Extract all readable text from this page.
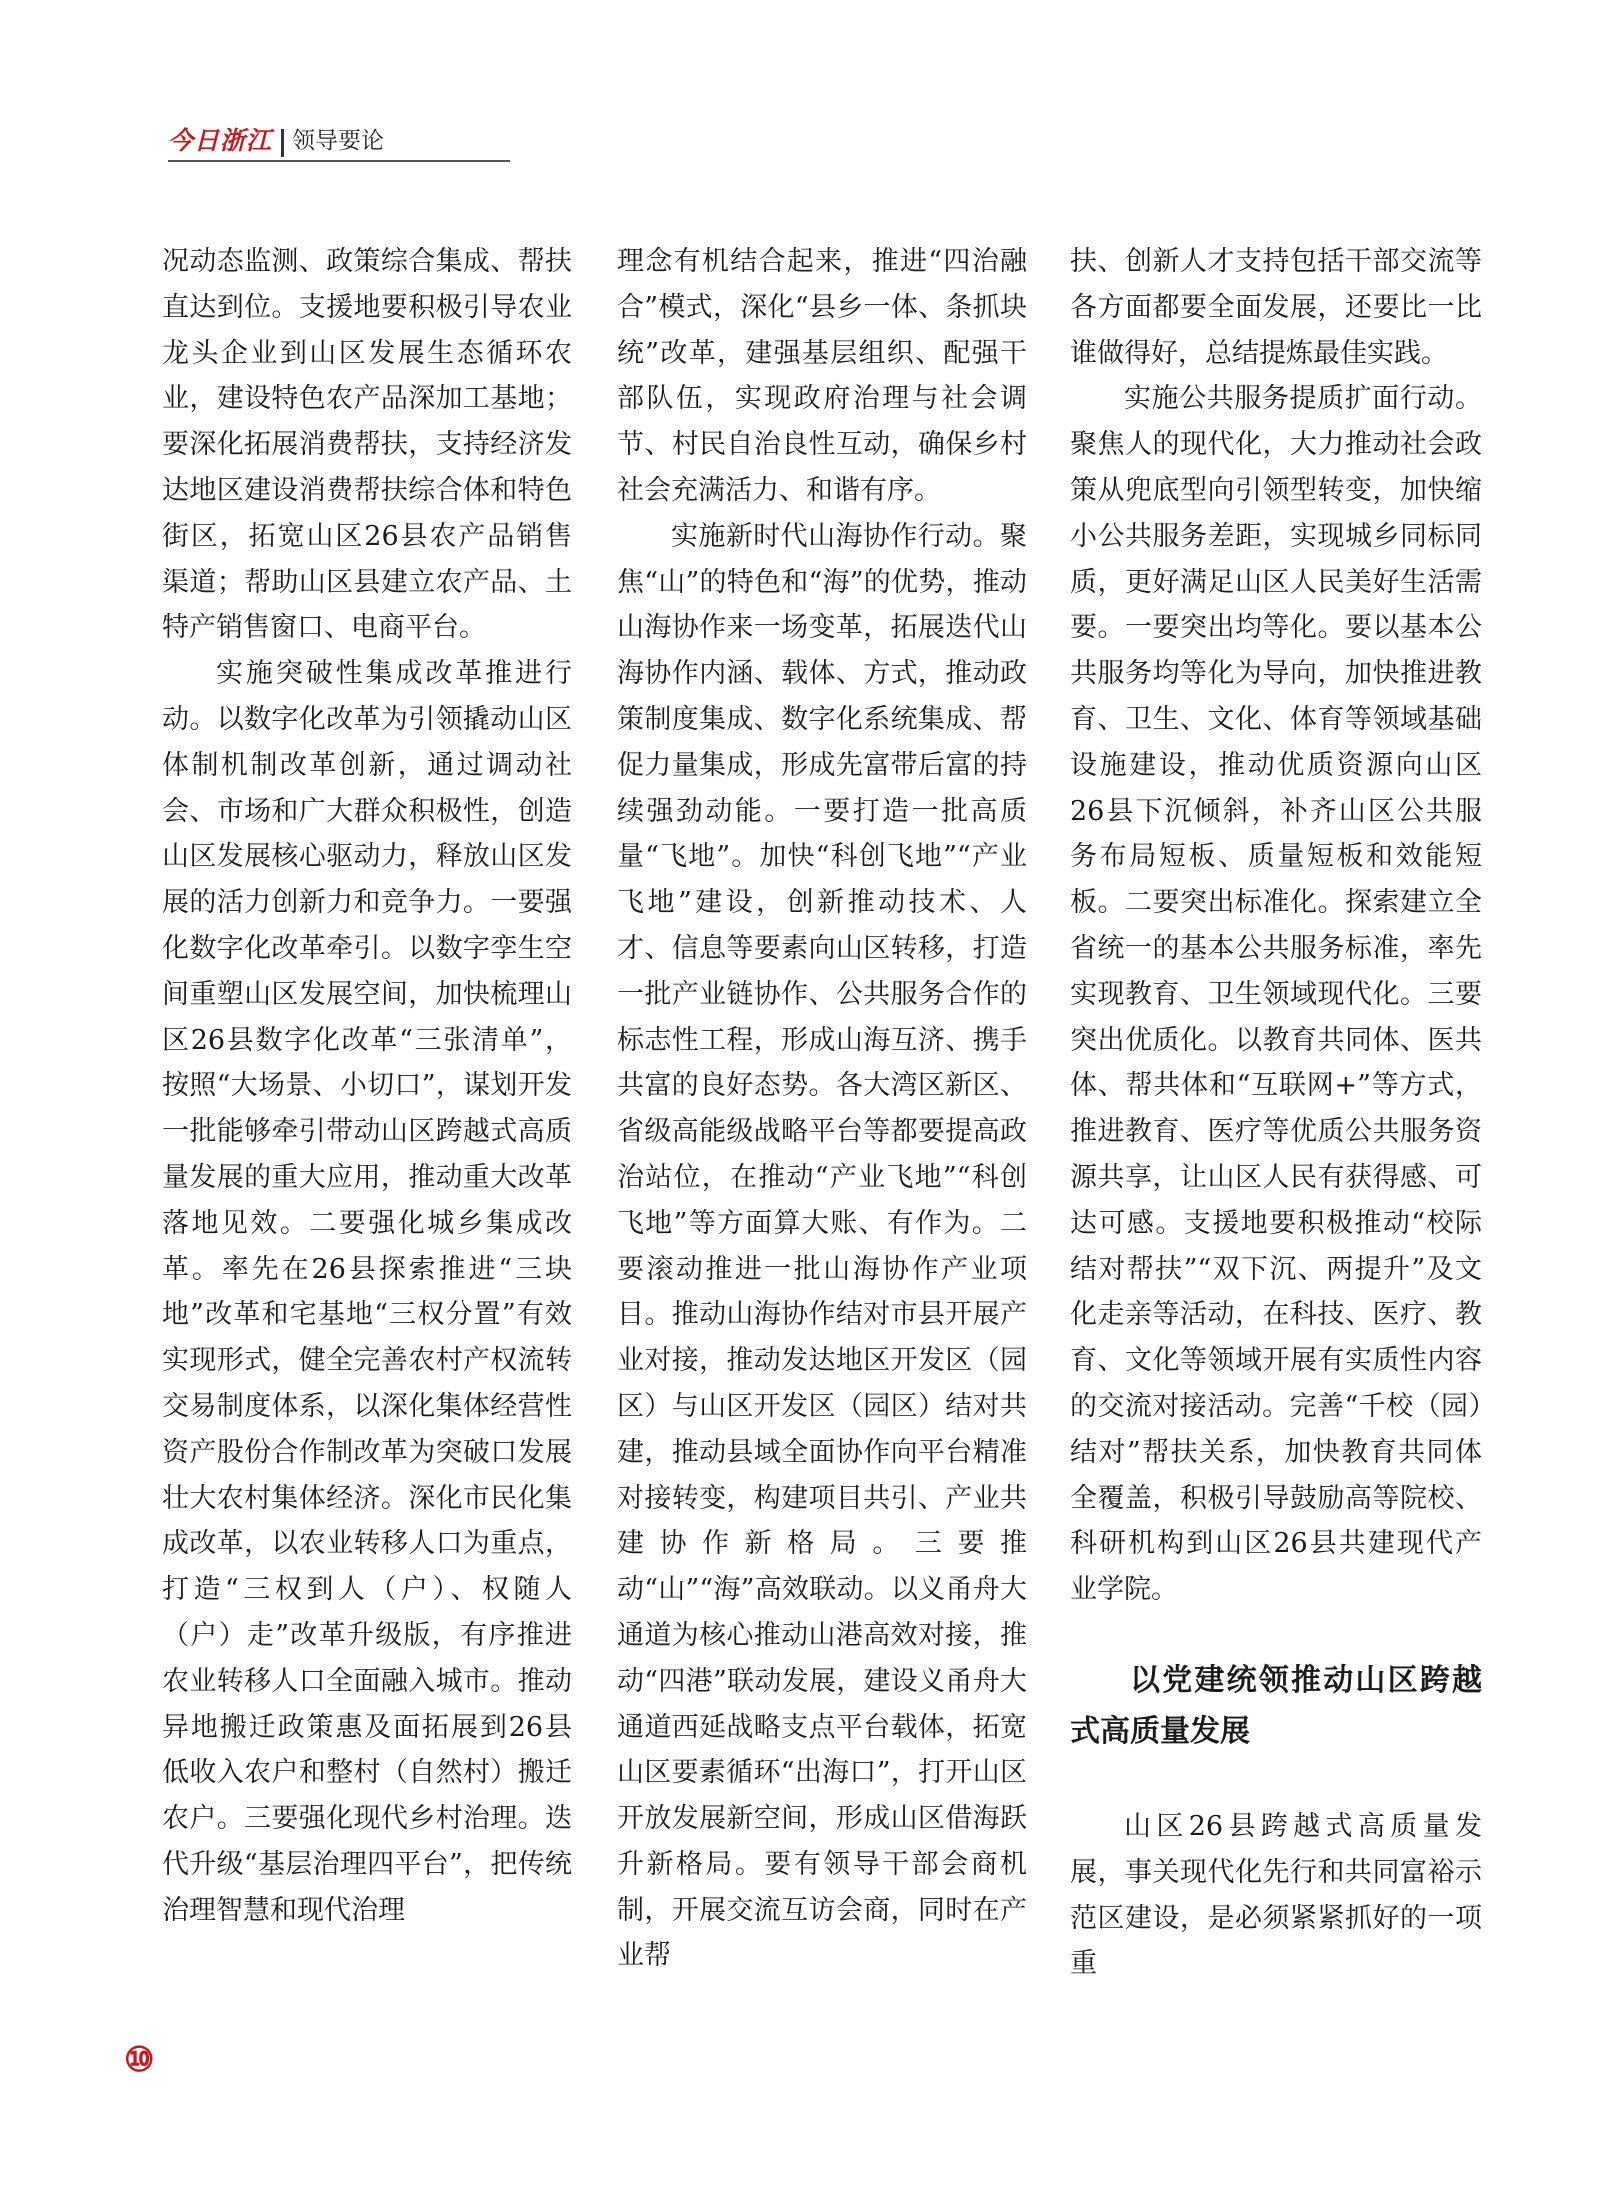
今日浙江 领导要论

况动态监测、政策综合集成、帮扶直达到位。支援地要积极引导农业龙头企业到山区发展生态循环农业，建设特色农产品深加工基地；要深化拓展消费帮扶，支持经济发达地区建设消费帮扶综合体和特色街区，拓宽山区26县农产品销售渠道；帮助山区县建立农产品、土特产销售窗口、电商平台。

实施突破性集成改革推进行动。以数字化改革为引领撬动山区体制机制改革创新，通过调动社会、市场和广大群众积极性，创造山区发展核心驱动力，释放山区发展的活力创新力和竞争力。一要强化数字化改革牵引。以数字孪生空间重塑山区发展空间，加快梳理山区26县数字化改革“三张清单”，按照“大场景、小切口”，谋划开发一批能够牵引带动山区跨越式高质量发展的重大应用，推动重大改革落地见效。二要强化城乡集成改革。率先在26县探索推进“三块地”改革和宅基地“三权分置”有效实现形式，健全完善农村产权流转交易制度体系，以深化集体经营性资产股份合作制改革为突破口发展壮大农村集体经济。深化市民化集成改革，以农业转移人口为重点，打造“三权到人（户）、权随人（户）走”改革升级版，有序推进农业转移人口全面融入城市。推动异地搬迁政策惠及面拓展到26县低收入农户和整村（自然村）搬迁农户。三要强化现代乡村治理。迭代升级“基层治理四平台”，把传统治理智慧和现代治理

理念有机结合起来，推进“四治融合”模式，深化“县乡一体、条抓块统”改革，建强基层组织、配强干部队伍，实现政府治理与社会调节、村民自治良性互动，确保乡村社会充满活力、和谐有序。

实施新时代山海协作行动。聚焦“山”的特色和“海”的优势，推动山海协作来一场变革，拓展迭代山海协作内涵、载体、方式，推动政策制度集成、数字化系统集成、帮促力量集成，形成先富带后富的持续强劲动能。一要打造一批高质量“飞地”。加快“科创飞地”“产业飞地”建设，创新推动技术、人才、信息等要素向山区转移，打造一批产业链协作、公共服务合作的标志性工程，形成山海互济、携手共富的良好态势。各大湾区新区、省级高能级战略平台等都要提高政治站位，在推动“产业飞地”“科创飞地”等方面算大账、有作为。二要滚动推进一批山海协作产业项目。推动山海协作结对市县开展产业对接，推动发达地区开发区（园区）与山区开发区（园区）结对共建，推动县域全面协作向平台精准对接转变，构建项目共引、产业共建协作新格局。三要推动“山”“海”高效联动。以义甬舟大通道为核心推动山港高效对接，推动“四港”联动发展，建设义甬舟大通道西延战略支点平台载体，拓宽山区要素循环“出海口”，打开山区开放发展新空间，形成山区借海跃升新格局。要有领导干部会商机制，开展交流互访会商，同时在产业帮

扶、创新人才支持包括干部交流等各方面都要全面发展，还要比一比谁做得好，总结提炼最佳实践。

实施公共服务提质扩面行动。聚焦人的现代化，大力推动社会政策从兜底型向引领型转变，加快缩小公共服务差距，实现城乡同标同质，更好满足山区人民美好生活需要。一要突出均等化。要以基本公共服务均等化为导向，加快推进教育、卫生、文化、体育等领域基础设施建设，推动优质资源向山区26县下沉倾斜，补齐山区公共服务布局短板、质量短板和效能短板。二要突出标准化。探索建立全省统一的基本公共服务标准，率先实现教育、卫生领域现代化。三要突出优质化。以教育共同体、医共体、帮共体和“互联网+”等方式，推进教育、医疗等优质公共服务资源共享，让山区人民有获得感、可达可感。支援地要积极推动“校际结对帮扶”“双下沉、两提升”及文化走亲等活动，在科技、医疗、教育、文化等领域开展有实质性内容的交流对接活动。完善“千校（园）结对”帮扶关系，加快教育共同体全覆盖，积极引导鼓励高等院校、科研机构到山区26县共建现代产业学院。

以党建统领推动山区跨越式高质量发展

山区26县跨越式高质量发展，事关现代化先行和共同富裕示范区建设，是必须紧紧抓好的一项重

⑩
